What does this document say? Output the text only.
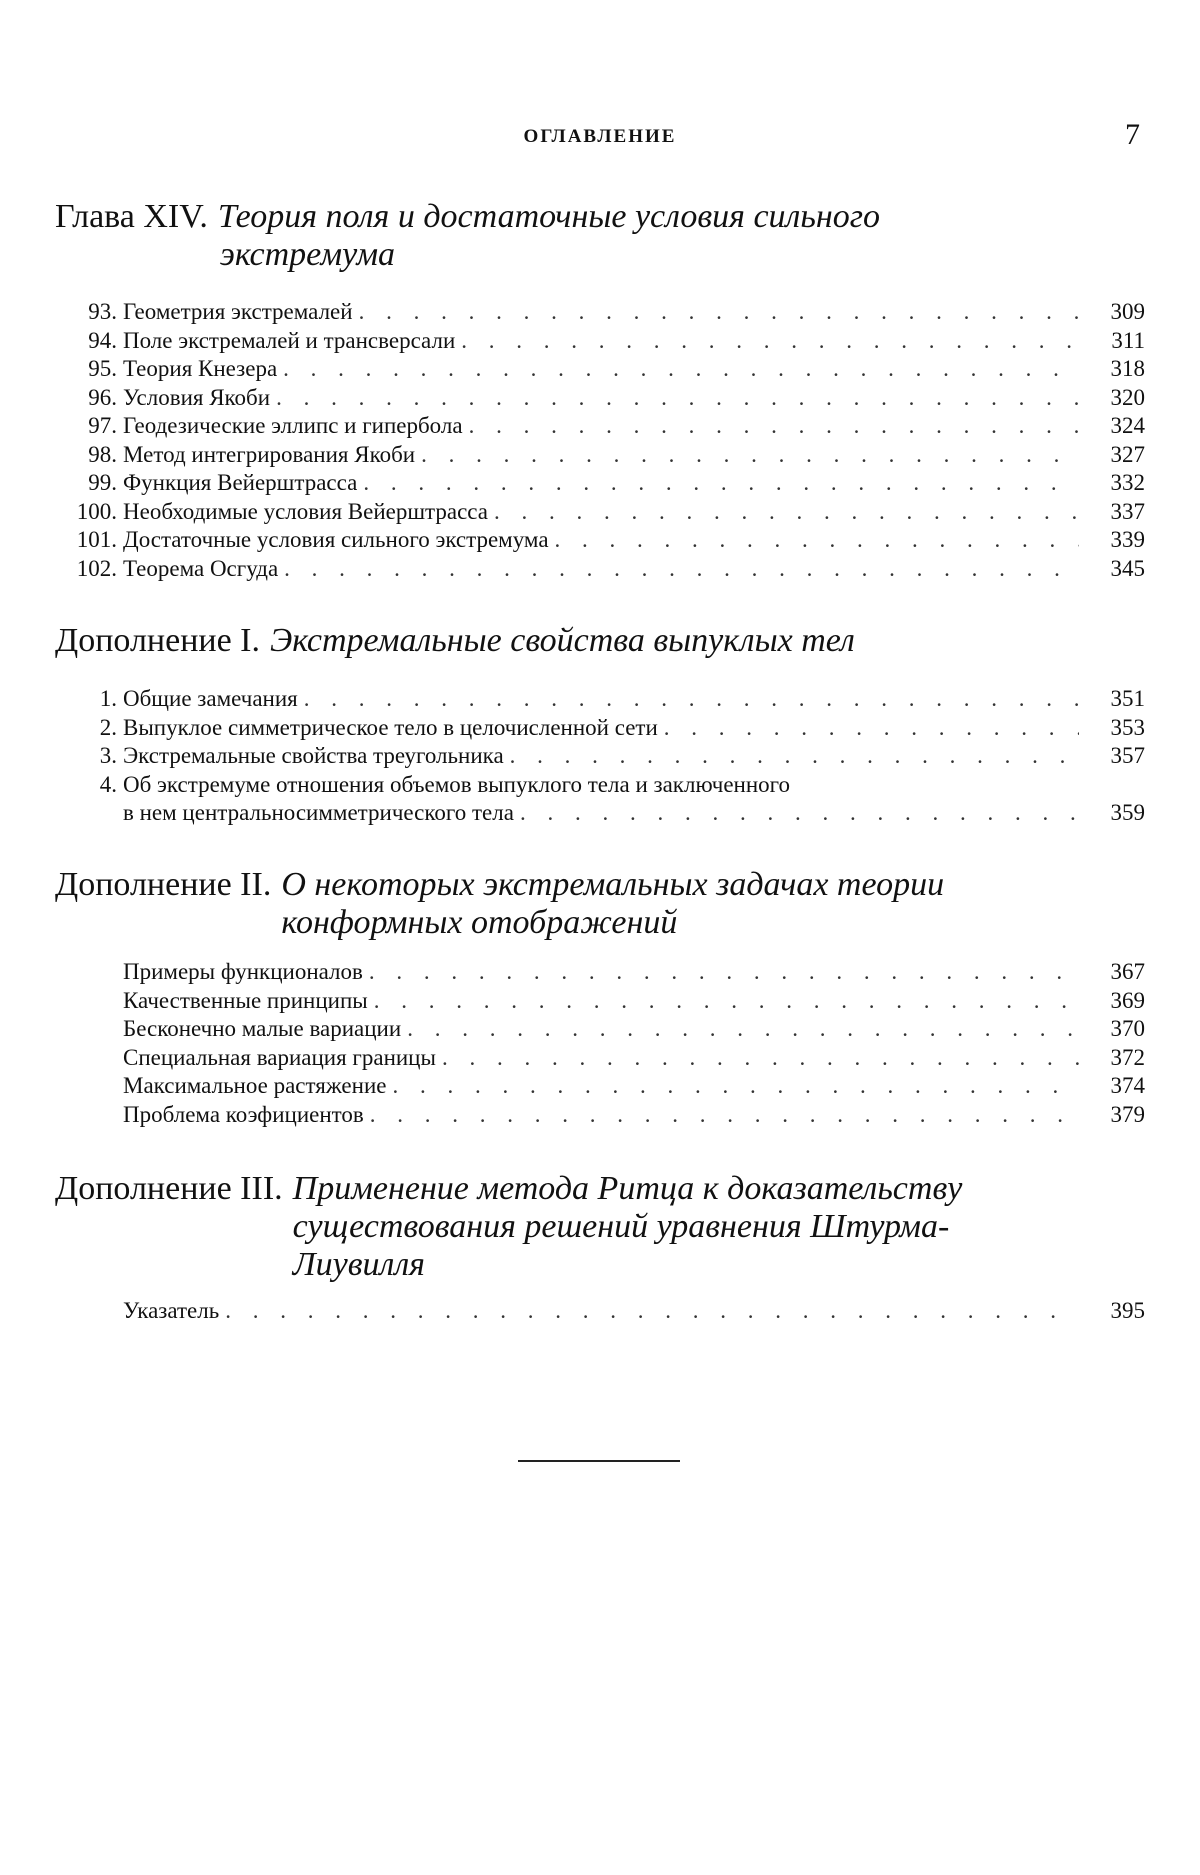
ОГЛАВЛЕНИЕ	7
Глава XIV. Теория поля и достаточные условия сильного
экстремума
93. Геометрия экстремалей . . .	309
94. Поле экстремалей и трансверсали . . .	311
95. Теория Кнезера . . .	318
96. Условия Якоби . . .	320
97. Геодезические эллипс и гипербола . . .	324
98. Метод интегрирования Якоби . . .	327
99. Функция Вейерштрасса . . .	332
100. Необходимые условия Вейерштрасса . . .	337
101. Достаточные условия сильного экстремума . . .	339
102. Теорема Осгуда . . .	345
Дополнение I. Экстремальные свойства выпуклых тел
1. Общие замечания . . .	351
2. Выпуклое симметрическое тело в целочисленной сети . . .	353
3. Экстремальные свойства треугольника . . .	357
4. Об экстремуме отношения объемов выпуклого тела и заключенного
в нем центральносимметрического тела . . .	359
Дополнение II. О некоторых экстремальных задачах теории
конформных отображений
Примеры функционалов . . .	367
Качественные принципы . . .	369
Бесконечно малые вариации . . .	370
Специальная вариация границы . . .	372
Максимальное растяжение . . .	374
Проблема коэфициентов . . .	379
Дополнение III. Применение метода Ритца к доказательству
существования решений уравнения Штурма-
Лиувилля
Указатель . . .	395
